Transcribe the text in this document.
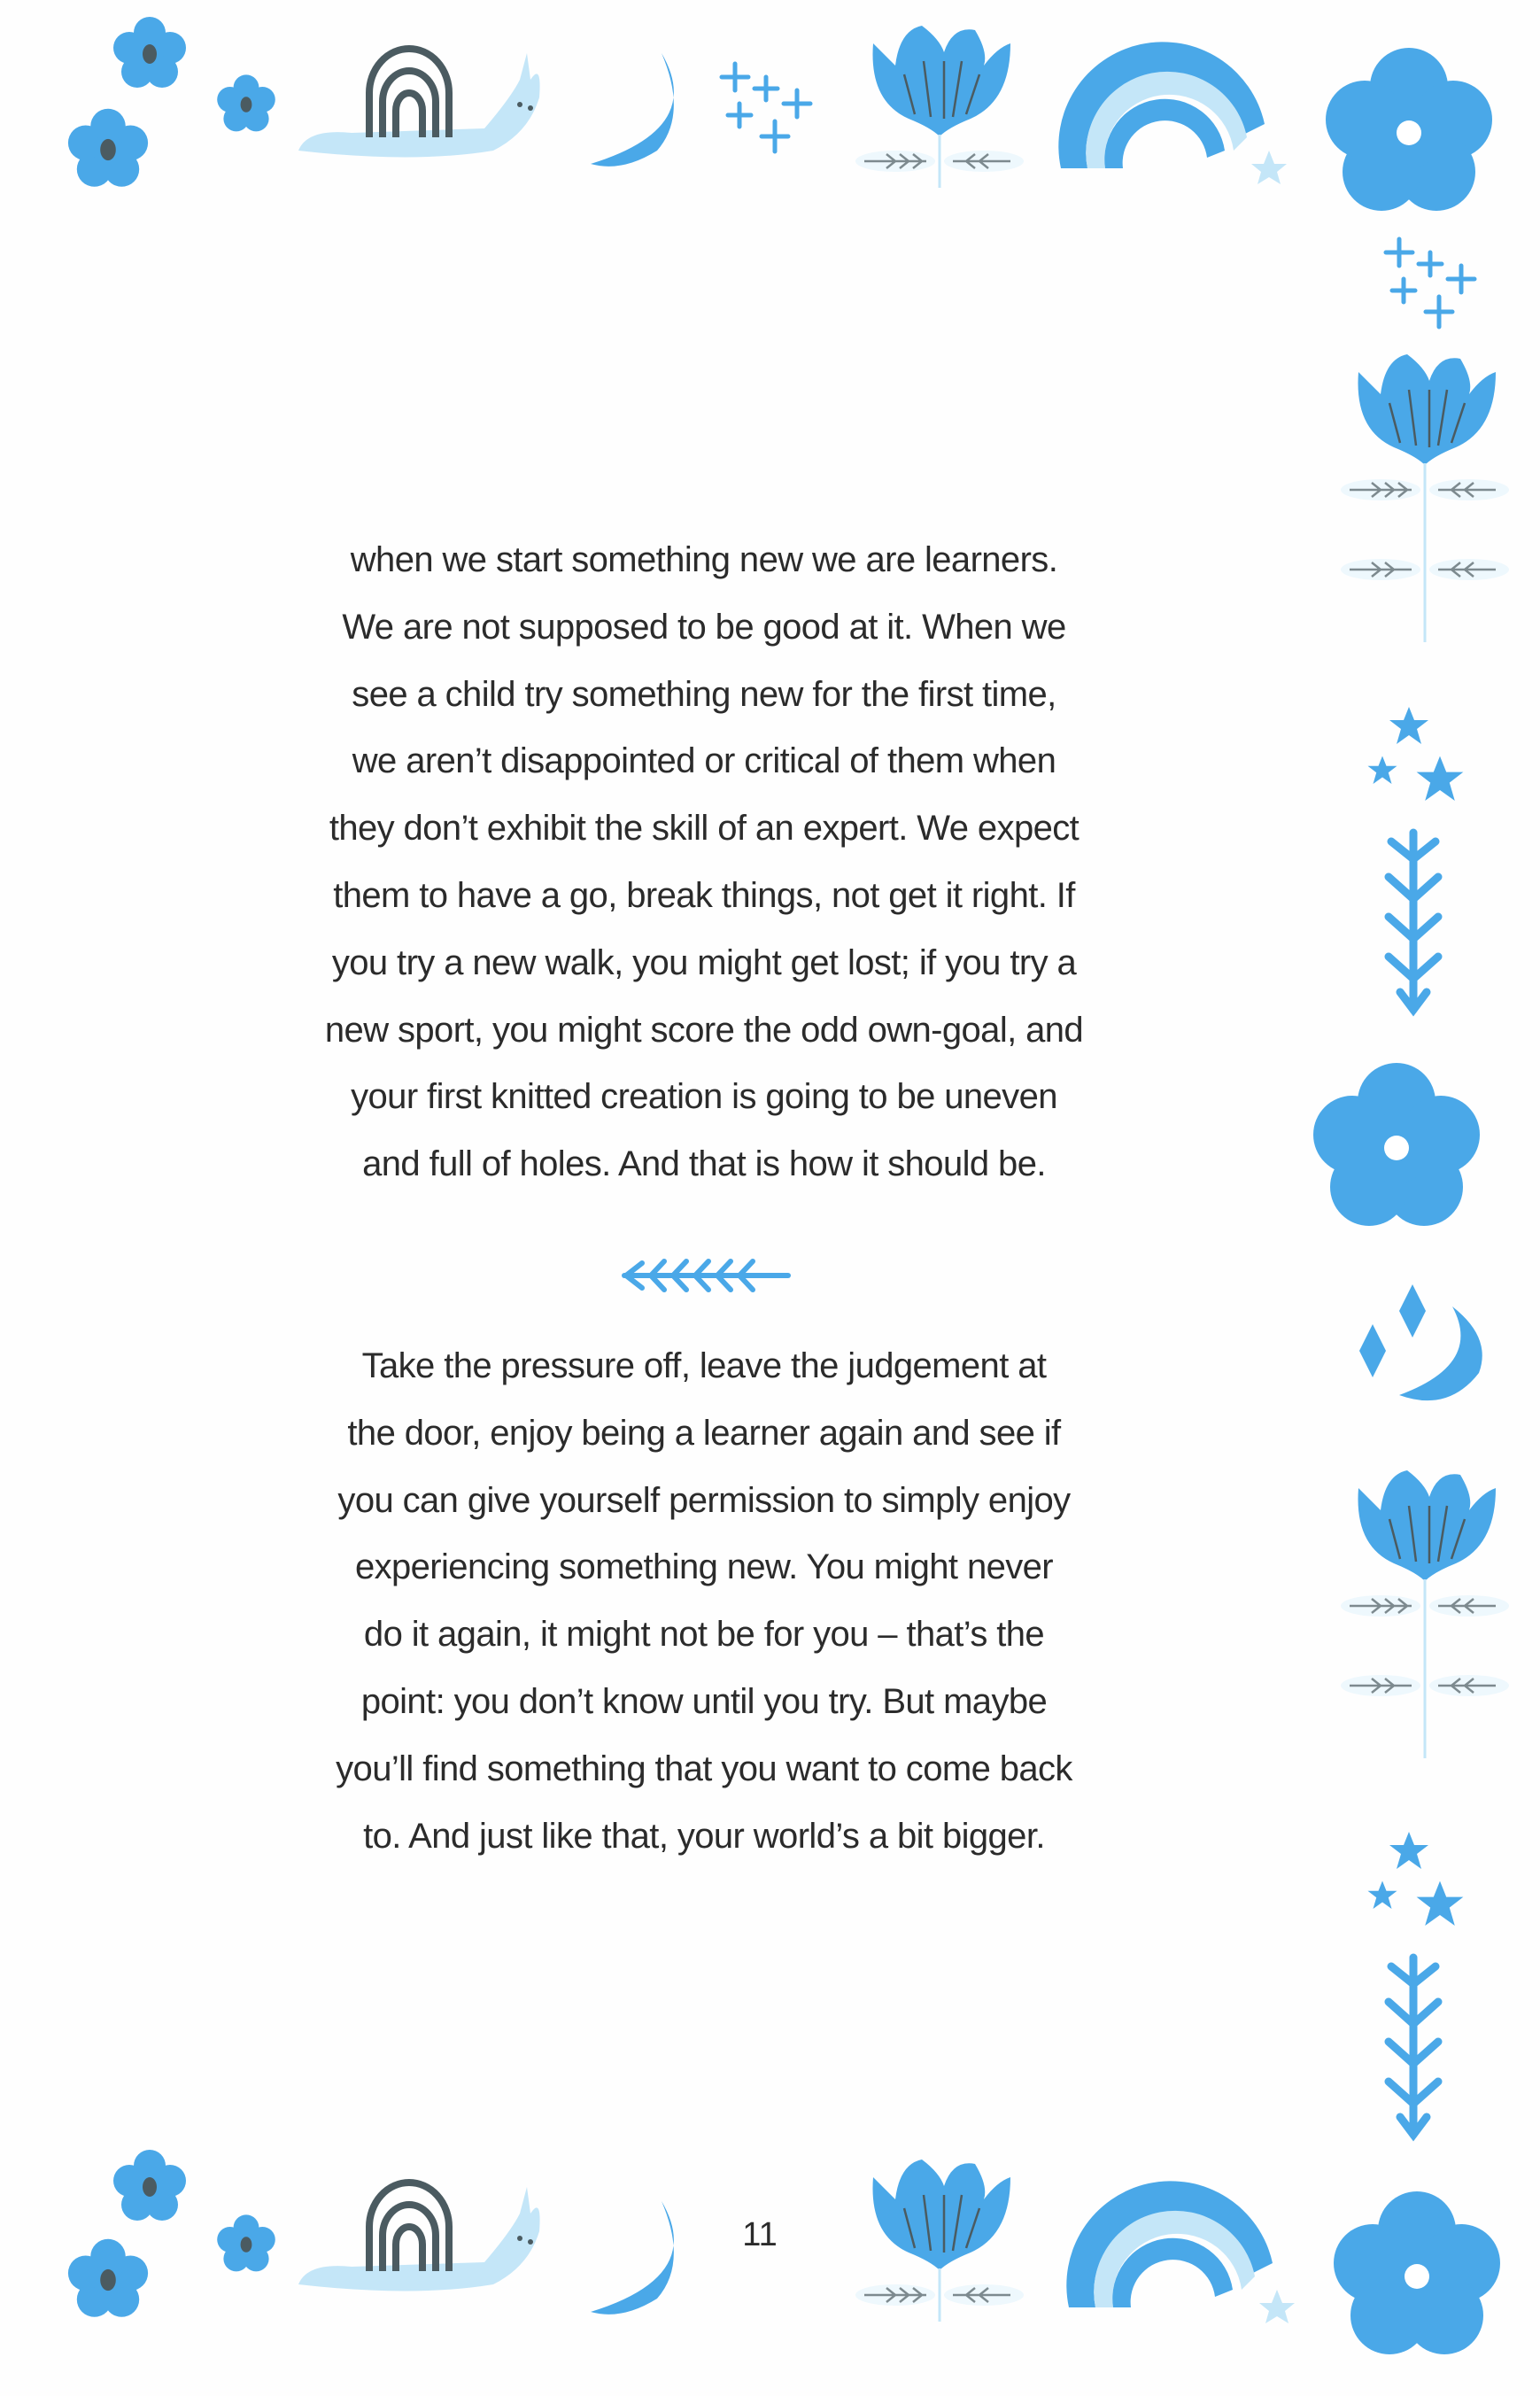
when we start something new we are learners.
We are not supposed to be good at it. When we
see a child try something new for the first time,
we aren’t disappointed or critical of them when
they don’t exhibit the skill of an expert. We expect
them to have a go, break things, not get it right. If
you try a new walk, you might get lost; if you try a
new sport, you might score the odd own-goal, and
your first knitted creation is going to be uneven
and full of holes. And that is how it should be.
Take the pressure off, leave the judgement at
the door, enjoy being a learner again and see if
you can give yourself permission to simply enjoy
experiencing something new. You might never
do it again, it might not be for you – that’s the
point: you don’t know until you try. But maybe
you’ll find something that you want to come back
to. And just like that, your world’s a bit bigger.
11
